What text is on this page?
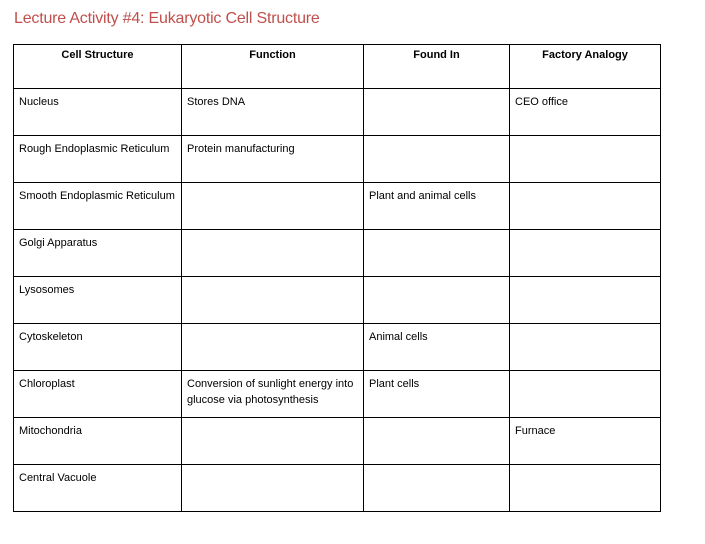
Lecture Activity #4: Eukaryotic Cell Structure
Cell Structure	Function	Found In	Factory Analogy
Nucleus	Stores DNA		CEO office
Rough Endoplasmic Reticulum	Protein manufacturing		
Smooth Endoplasmic Reticulum		Plant and animal cells	
Golgi Apparatus			
Lysosomes			
Cytoskeleton		Animal cells	
Chloroplast	Conversion of sunlight energy into glucose via photosynthesis	Plant cells	
Mitochondria			Furnace
Central Vacuole			
